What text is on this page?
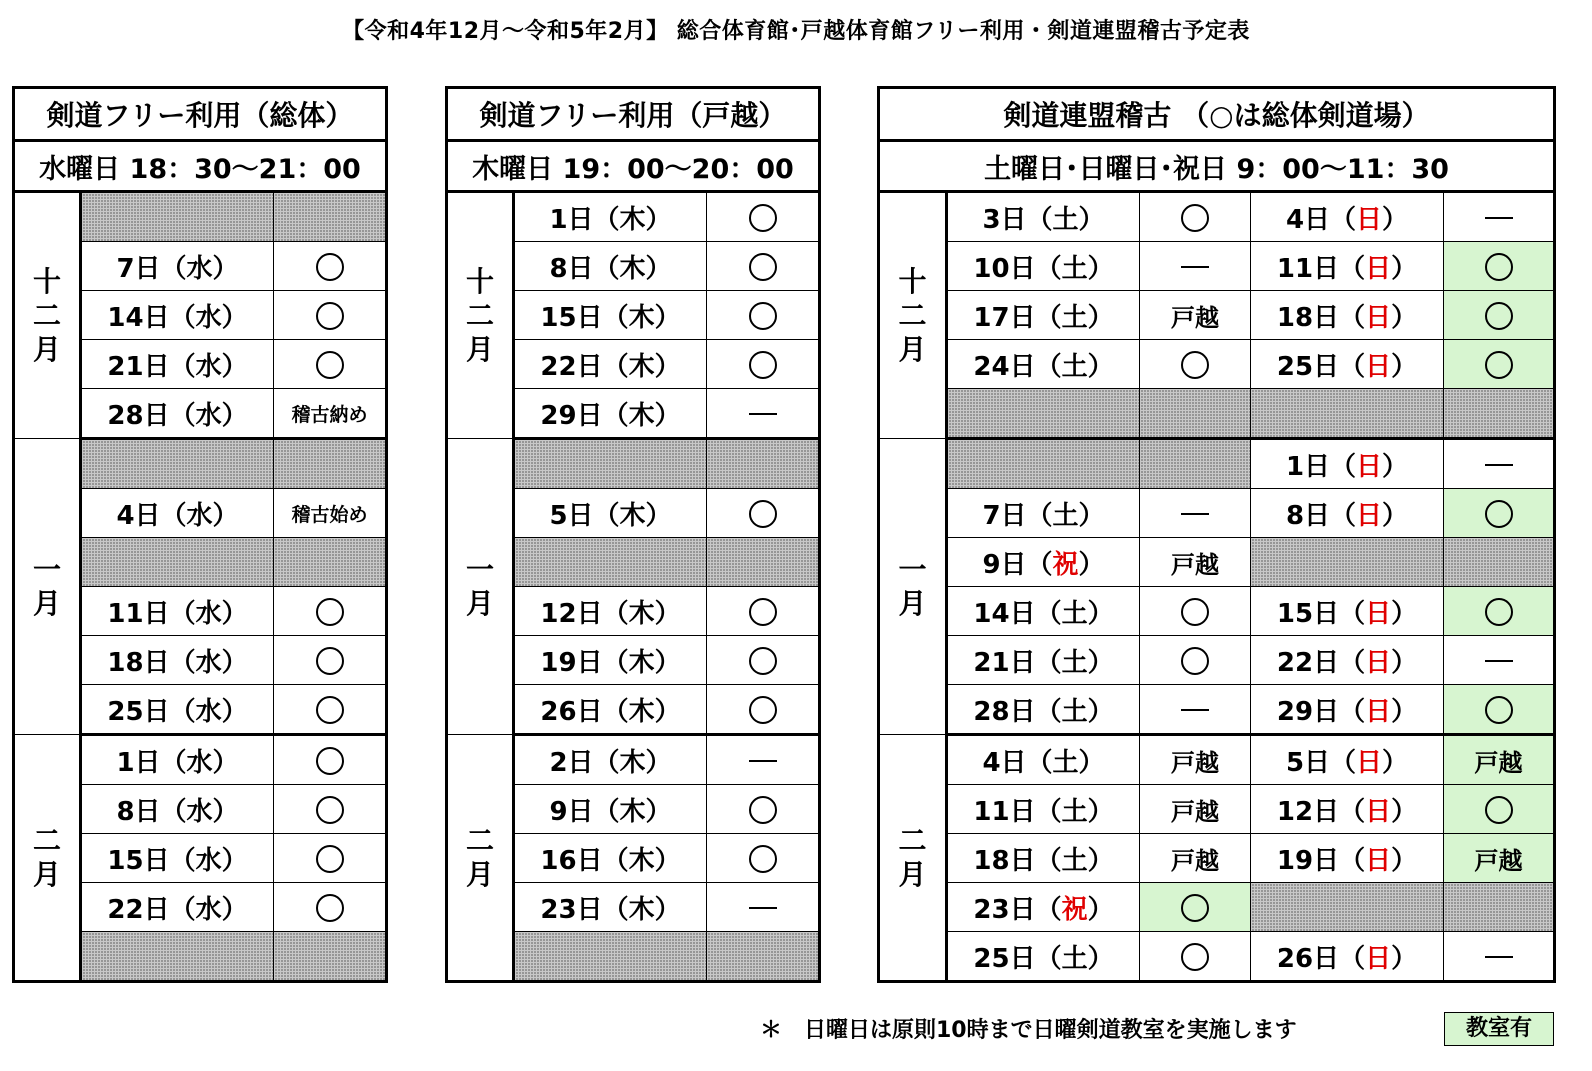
【令和4年12月～令和5年2月】 総合体育館･戸越体育館フリー利用・剣道連盟稽古予定表
剣道フリー利用（総体）		
水曜日 18：30～21：00		

十
二
月		

	7日（水）	
	14日（水）	
	21日（水）	
	28日（水）	稽古納め

一
月		

	4日（水）	稽古始め

	11日（水）	
	18日（水）	
	25日（水）	

二
月	1日（水）	
	8日（水）	
	15日（水）	
	22日（水）	

剣道フリー利用（戸越）		
木曜日 19：00～20：00		

十
二
月	1日（木）	
	8日（木）	
	15日（木）	
	22日（木）	
	29日（木）	

一
月		

	5日（木）	

	12日（木）	
	19日（木）	
	26日（木）	

二
月	2日（木）	
	9日（木）	
	16日（木）	
	23日（木）	

剣道連盟稽古 （○は総体剣道場）				
土曜日･日曜日･祝日 9：00～11：30				

十
二
月	3日（土）		4日（日）	
	10日（土）		11日（日）	
	17日（土）	戸越	18日（日）	
	24日（土）		25日（日）	

一
月			1日（日）	
	7日（土）		8日（日）	
	9日（祝）	戸越		
	14日（土）		15日（日）	
	21日（土）		22日（日）	
	28日（土）		29日（日）	

二
月	4日（土）	戸越	5日（日）	戸越
	11日（土）	戸越	12日（日）	
	18日（土）	戸越	19日（日）	戸越
	23日（祝）			
	25日（土）		26日（日）	
＊　日曜日は原則10時まで日曜剣道教室を実施します	教室有
